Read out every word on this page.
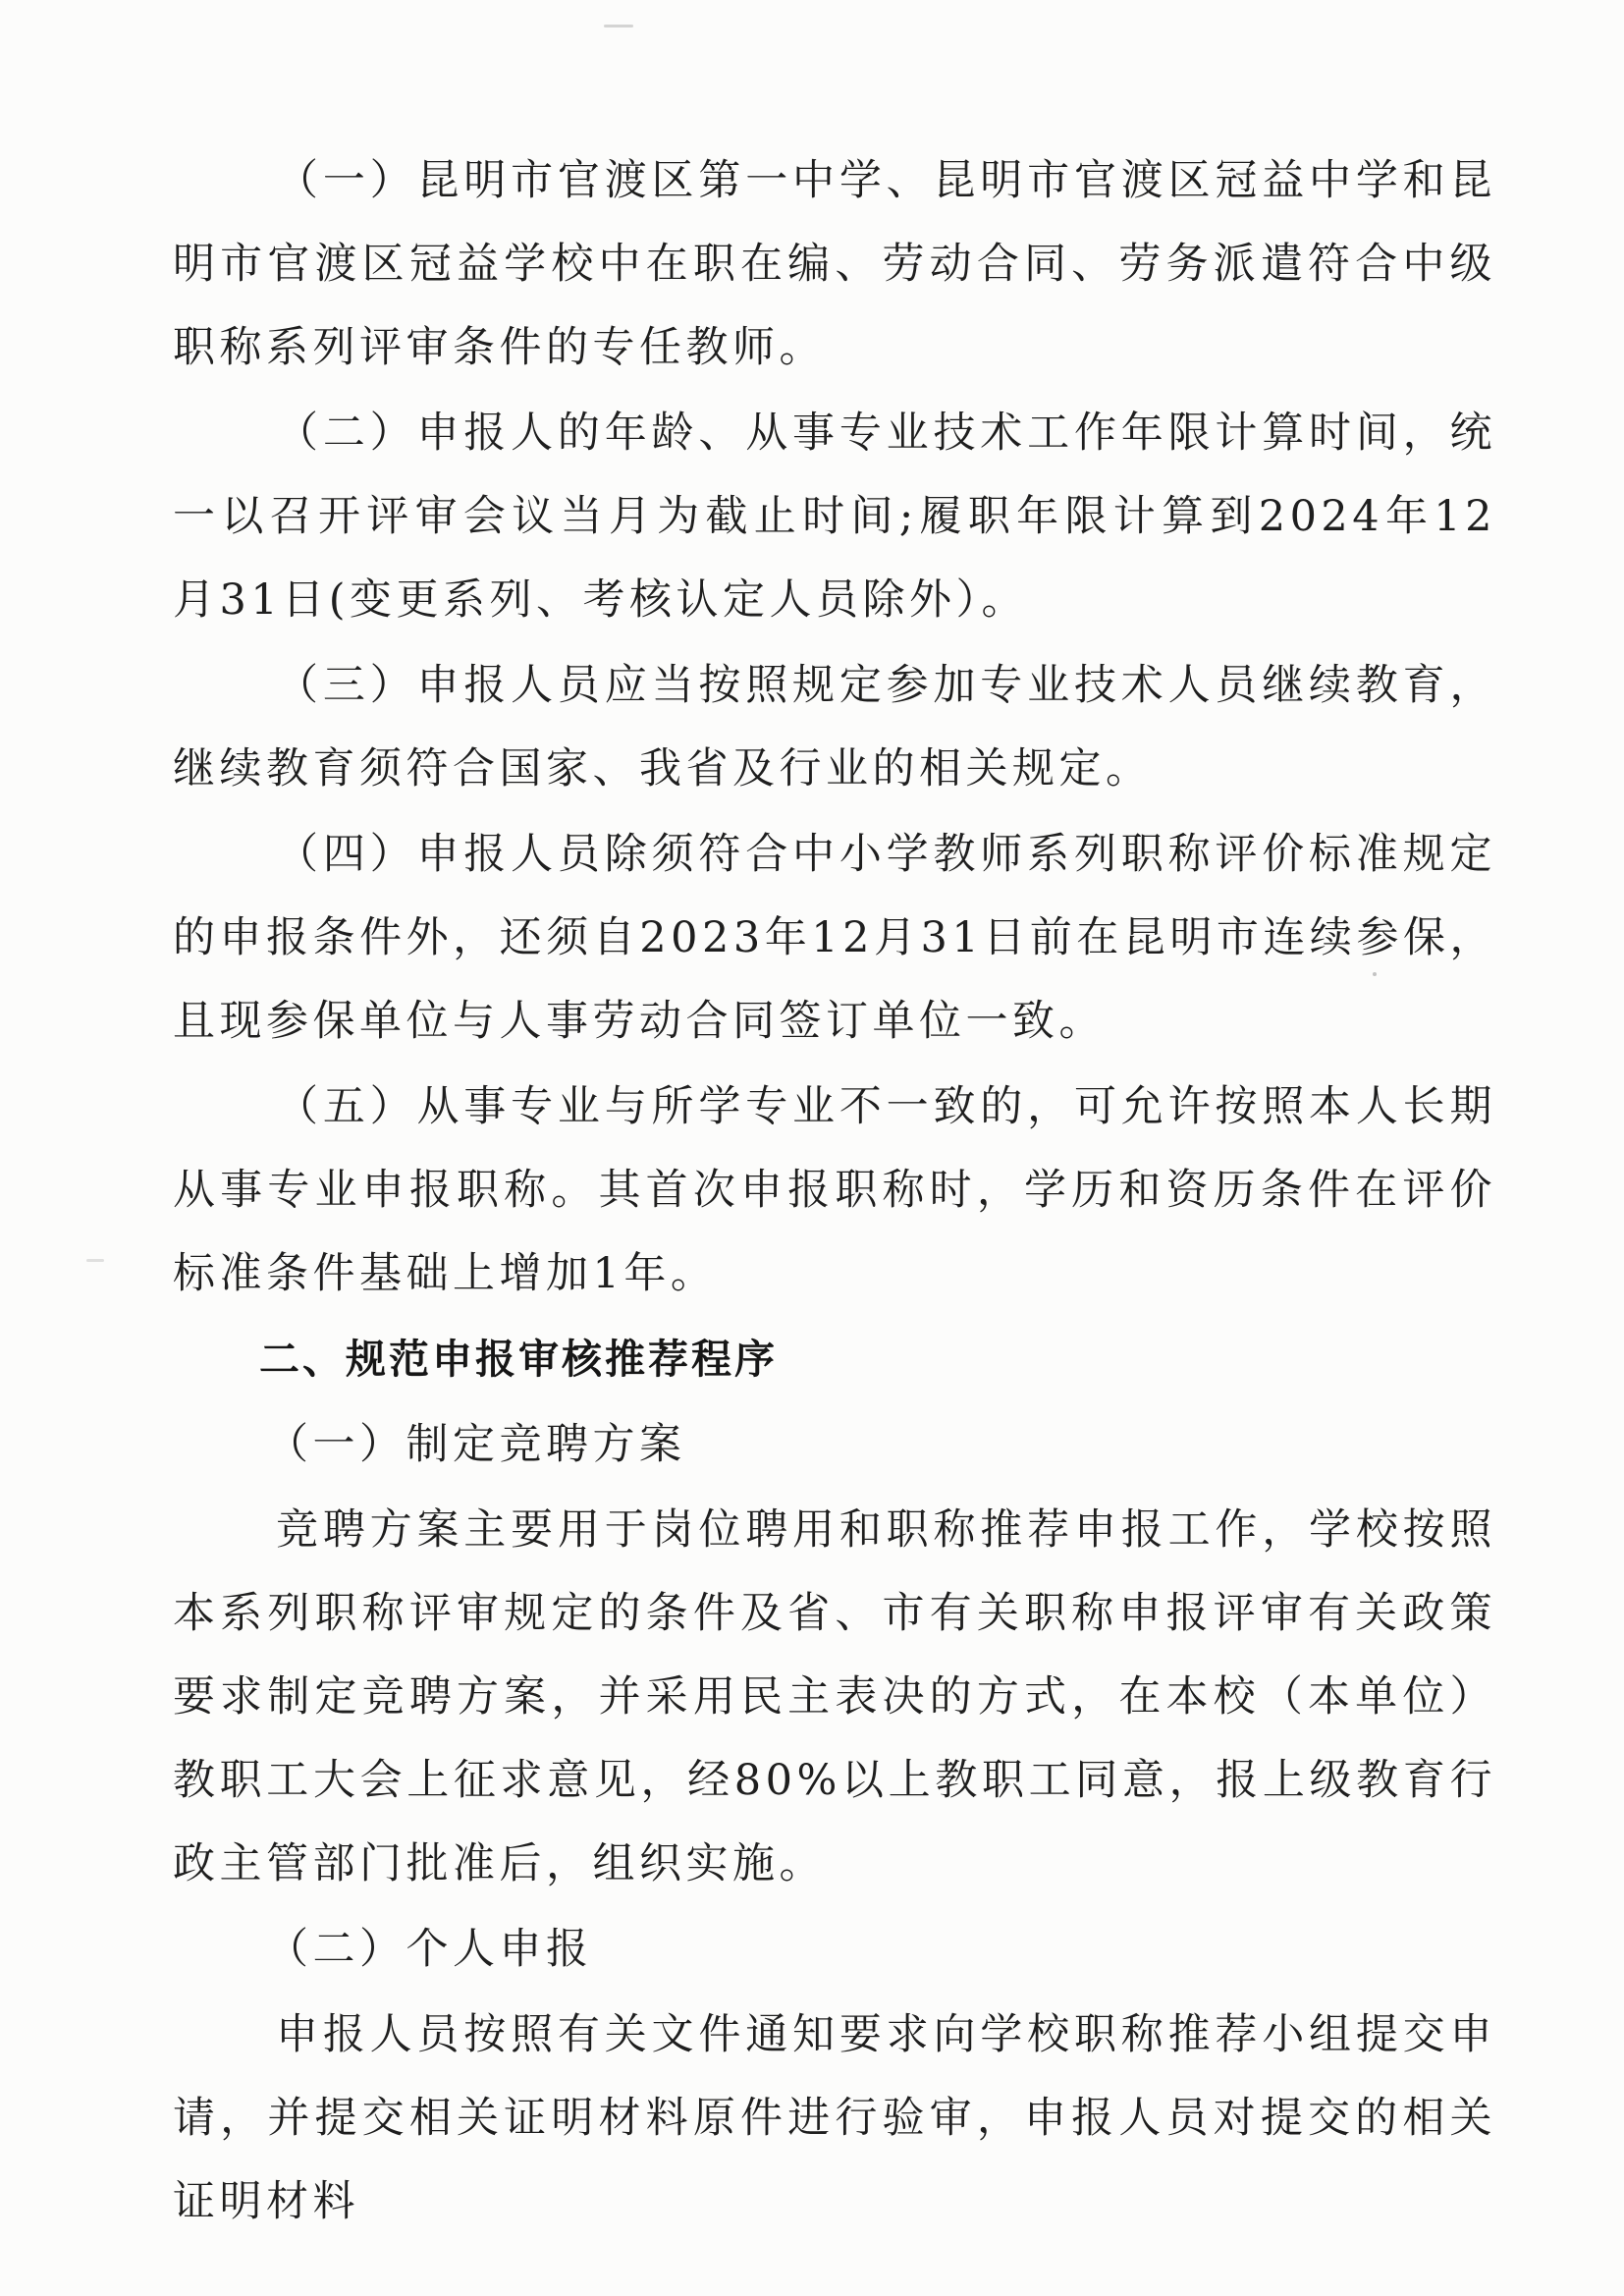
（一）昆明市官渡区第一中学、昆明市官渡区冠益中学和昆明市官渡区冠益学校中在职在编、劳动合同、劳务派遣符合中级职称系列评审条件的专任教师。

（二）申报人的年龄、从事专业技术工作年限计算时间，统一以召开评审会议当月为截止时间;履职年限计算到2024年12月31日(变更系列、考核认定人员除外）。

（三）申报人员应当按照规定参加专业技术人员继续教育，继续教育须符合国家、我省及行业的相关规定。

（四）申报人员除须符合中小学教师系列职称评价标准规定的申报条件外，还须自2023年12月31日前在昆明市连续参保，且现参保单位与人事劳动合同签订单位一致。

（五）从事专业与所学专业不一致的，可允许按照本人长期从事专业申报职称。其首次申报职称时，学历和资历条件在评价标准条件基础上增加1年。

二、规范申报审核推荐程序

（一）制定竞聘方案

竞聘方案主要用于岗位聘用和职称推荐申报工作，学校按照本系列职称评审规定的条件及省、市有关职称申报评审有关政策要求制定竞聘方案，并采用民主表决的方式，在本校（本单位）教职工大会上征求意见，经80%以上教职工同意，报上级教育行政主管部门批准后，组织实施。

（二）个人申报

申报人员按照有关文件通知要求向学校职称推荐小组提交申请，并提交相关证明材料原件进行验审，申报人员对提交的相关证明材料
